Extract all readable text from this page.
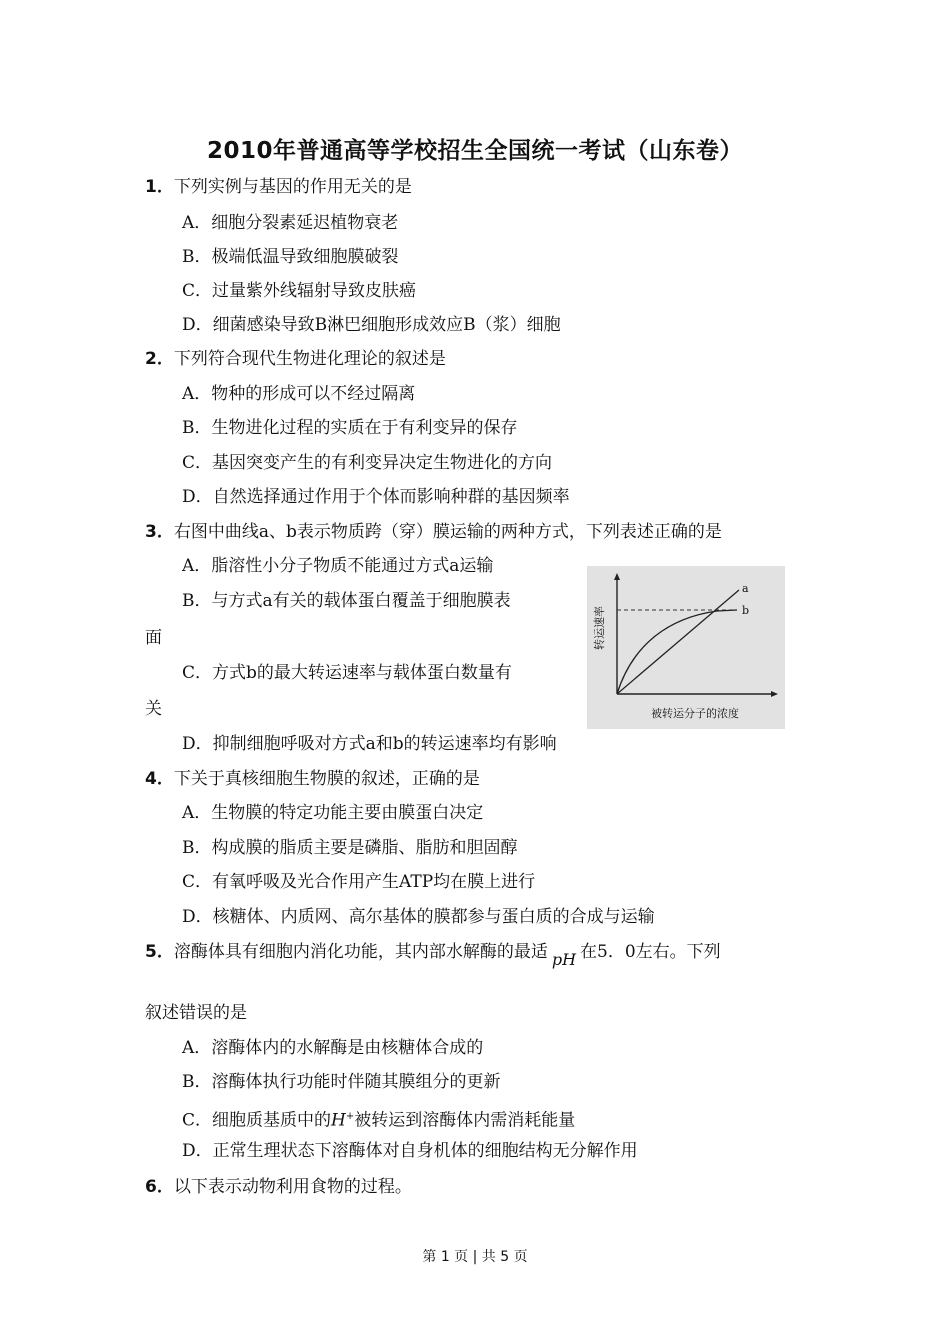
2010年普通高等学校招生全国统一考试（山东卷）
1．下列实例与基因的作用无关的是
A．细胞分裂素延迟植物衰老
B．极端低温导致细胞膜破裂
C．过量紫外线辐射导致皮肤癌
D．细菌感染导致B淋巴细胞形成效应B（浆）细胞
2．下列符合现代生物进化理论的叙述是
A．物种的形成可以不经过隔离
B．生物进化过程的实质在于有利变异的保存
C．基因突变产生的有利变异决定生物进化的方向
D．自然选择通过作用于个体而影响种群的基因频率
3．右图中曲线a、b表示物质跨（穿）膜运输的两种方式，下列表述正确的是
A．脂溶性小分子物质不能通过方式a运输
B．与方式a有关的载体蛋白覆盖于细胞膜表
面
C．方式b的最大转运速率与载体蛋白数量有
关
D．抑制细胞呼吸对方式a和b的转运速率均有影响
a
b
转运速率
被转运分子的浓度
4．下关于真核细胞生物膜的叙述，正确的是
A．生物膜的特定功能主要由膜蛋白决定
B．构成膜的脂质主要是磷脂、脂肪和胆固醇
C．有氧呼吸及光合作用产生ATP均在膜上进行
D．核糖体、内质网、高尔基体的膜都参与蛋白质的合成与运输
5．溶酶体具有细胞内消化功能，其内部水解酶的最适 pH 在5．0左右。下列
叙述错误的是
A．溶酶体内的水解酶是由核糖体合成的
B．溶酶体执行功能时伴随其膜组分的更新
C．细胞质基质中的H+被转运到溶酶体内需消耗能量
D．正常生理状态下溶酶体对自身机体的细胞结构无分解作用
6．以下表示动物利用食物的过程。
第 1 页 | 共 5 页
